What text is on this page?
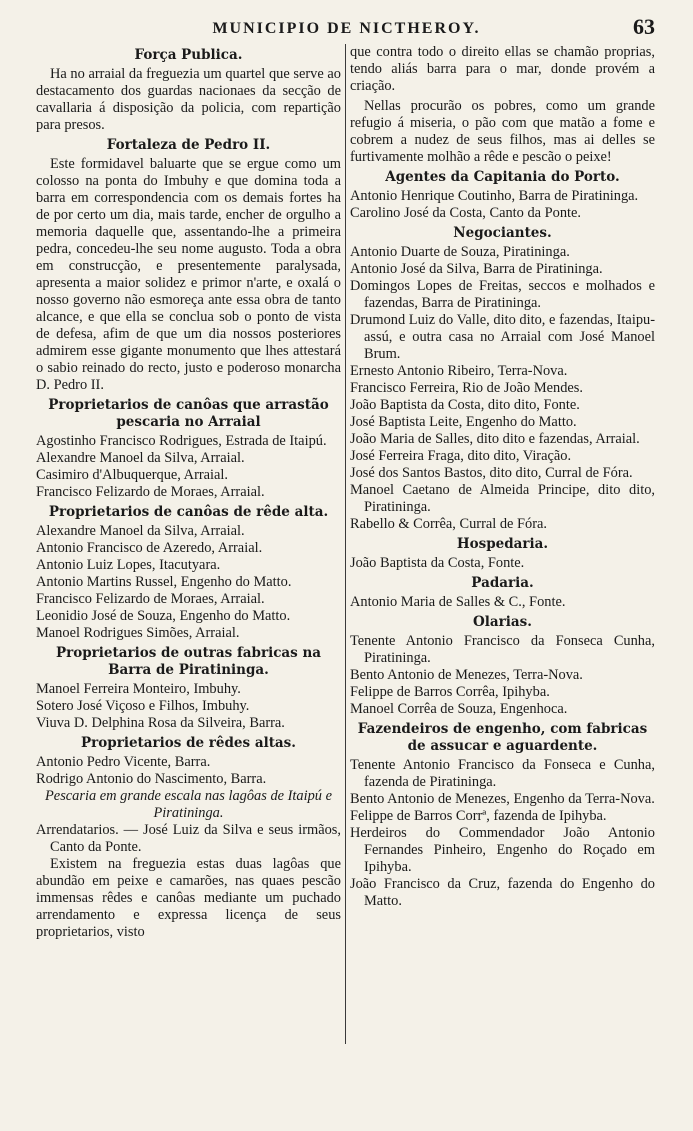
MUNICIPIO DE NICTHEROY.	63
Força Publica.

Ha no arraial da freguezia um quartel que serve ao destacamento dos guardas nacionaes da secção de cavallaria á disposição da policia, com repartição para presos.

Fortaleza de Pedro II.

Este formidavel baluarte que se ergue como um colosso na ponta do Imbuhy e que domina toda a barra em correspondencia com os demais fortes ha de por certo um dia, mais tarde, encher de orgulho a memoria daquelle que, assentando-lhe a primeira pedra, concedeu-lhe seu nome augusto. Toda a obra em construcção, e presentemente paralysada, apresenta a maior solidez e primor n'arte, e oxalá o nosso governo não esmoreça ante essa obra de tanto alcance, e que ella se conclua sob o ponto de vista de defesa, afim de que um dia nossos posteriores admirem esse gigante monumento que lhes attestará o sabio reinado do recto, justo e poderoso monarcha D. Pedro II.

Proprietarios de canôas que arrastão pescaria no Arraial

Agostinho Francisco Rodrigues, Estrada de Itaipú.

Alexandre Manoel da Silva, Arraial.

Casimiro d'Albuquerque, Arraial.

Francisco Felizardo de Moraes, Arraial.

Proprietarios de canôas de rêde alta.

Alexandre Manoel da Silva, Arraial.

Antonio Francisco de Azeredo, Arraial.

Antonio Luiz Lopes, Itacutyara.

Antonio Martins Russel, Engenho do Matto.

Francisco Felizardo de Moraes, Arraial.

Leonidio José de Souza, Engenho do Matto.

Manoel Rodrigues Simões, Arraial.

Proprietarios de outras fabricas na Barra de Piratininga.

Manoel Ferreira Monteiro, Imbuhy.

Sotero José Viçoso e Filhos, Imbuhy.

Viuva D. Delphina Rosa da Silveira, Barra.

Proprietarios de rêdes altas.

Antonio Pedro Vicente, Barra.

Rodrigo Antonio do Nascimento, Barra.

Pescaria em grande escala nas lagôas de Itaipú e Piratininga.

Arrendatarios. — José Luiz da Silva e seus irmãos, Canto da Ponte.

Existem na freguezia estas duas lagôas que abundão em peixe e camarões, nas quaes pescão immensas rêdes e canôas mediante um puchado arrendamento e expressa licença de seus proprietarios, visto

que contra todo o direito ellas se chamão proprias, tendo aliás barra para o mar, donde provém a criação.

Nellas procurão os pobres, como um grande refugio á miseria, o pão com que matão a fome e cobrem a nudez de seus filhos, mas ai delles se furtivamente molhão a rêde e pescão o peixe!

Agentes da Capitania do Porto.

Antonio Henrique Coutinho, Barra de Piratininga.

Carolino José da Costa, Canto da Ponte.

Negociantes.

Antonio Duarte de Souza, Piratininga.

Antonio José da Silva, Barra de Piratininga.

Domingos Lopes de Freitas, seccos e molhados e fazendas, Barra de Piratininga.

Drumond Luiz do Valle, dito dito, e fazendas, Itaipu-assú, e outra casa no Arraial com José Manoel Brum.

Ernesto Antonio Ribeiro, Terra-Nova.

Francisco Ferreira, Rio de João Mendes.

João Baptista da Costa, dito dito, Fonte.

José Baptista Leite, Engenho do Matto.

João Maria de Salles, dito dito e fazendas, Arraial.

José Ferreira Fraga, dito dito, Viração.

José dos Santos Bastos, dito dito, Curral de Fóra.

Manoel Caetano de Almeida Principe, dito dito, Piratininga.

Rabello & Corrêa, Curral de Fóra.

Hospedaria.

João Baptista da Costa, Fonte.

Padaria.

Antonio Maria de Salles & C., Fonte.

Olarias.

Tenente Antonio Francisco da Fonseca Cunha, Piratininga.

Bento Antonio de Menezes, Terra-Nova.

Felippe de Barros Corrêa, Ipihyba.

Manoel Corrêa de Souza, Engenhoca.

Fazendeiros de engenho, com fabricas de assucar e aguardente.

Tenente Antonio Francisco da Fonseca e Cunha, fazenda de Piratininga.

Bento Antonio de Menezes, Engenho da Terra-Nova.

Felippe de Barros Corrª, fazenda de Ipihyba.

Herdeiros do Commendador João Antonio Fernandes Pinheiro, Engenho do Roçado em Ipihyba.

João Francisco da Cruz, fazenda do Engenho do Matto.
